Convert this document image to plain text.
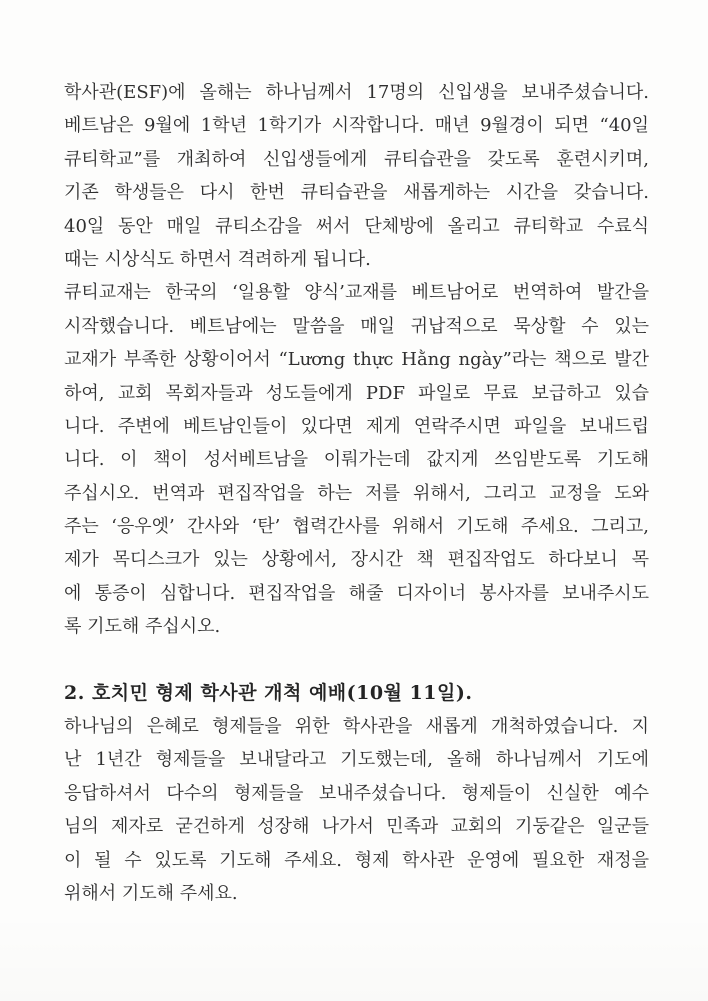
학사관(ESF)에 올해는 하나님께서 17명의 신입생을 보내주셨습니다.
베트남은 9월에 1학년 1학기가 시작합니다. 매년 9월경이 되면 “40일
큐티학교”를 개최하여 신입생들에게 큐티습관을 갖도록 훈련시키며,
기존 학생들은 다시 한번 큐티습관을 새롭게하는 시간을 갖습니다.
40일 동안 매일 큐티소감을 써서 단체방에 올리고 큐티학교 수료식
때는 시상식도 하면서 격려하게 됩니다.
큐티교재는 한국의 ‘일용할 양식’교재를 베트남어로 번역하여 발간을
시작했습니다. 베트남에는 말씀을 매일 귀납적으로 묵상할 수 있는
교재가 부족한 상황이어서 “Lương thực Hằng ngày”라는 책으로 발간
하여, 교회 목회자들과 성도들에게 PDF 파일로 무료 보급하고 있습
니다. 주변에 베트남인들이 있다면 제게 연락주시면 파일을 보내드립
니다. 이 책이 성서베트남을 이뤄가는데 값지게 쓰임받도록 기도해
주십시오. 번역과 편집작업을 하는 저를 위해서, 그리고 교정을 도와
주는 ‘응우엣’ 간사와 ‘탄’ 협력간사를 위해서 기도해 주세요. 그리고,
제가 목디스크가 있는 상황에서, 장시간 책 편집작업도 하다보니 목
에 통증이 심합니다. 편집작업을 해줄 디자이너 봉사자를 보내주시도
록 기도해 주십시오.
2. 호치민 형제 학사관 개척 예배(10월 11일).
하나님의 은혜로 형제들을 위한 학사관을 새롭게 개척하였습니다. 지
난 1년간 형제들을 보내달라고 기도했는데, 올해 하나님께서 기도에
응답하셔서 다수의 형제들을 보내주셨습니다. 형제들이 신실한 예수
님의 제자로 굳건하게 성장해 나가서 민족과 교회의 기둥같은 일군들
이 될 수 있도록 기도해 주세요. 형제 학사관 운영에 필요한 재정을
위해서 기도해 주세요.
